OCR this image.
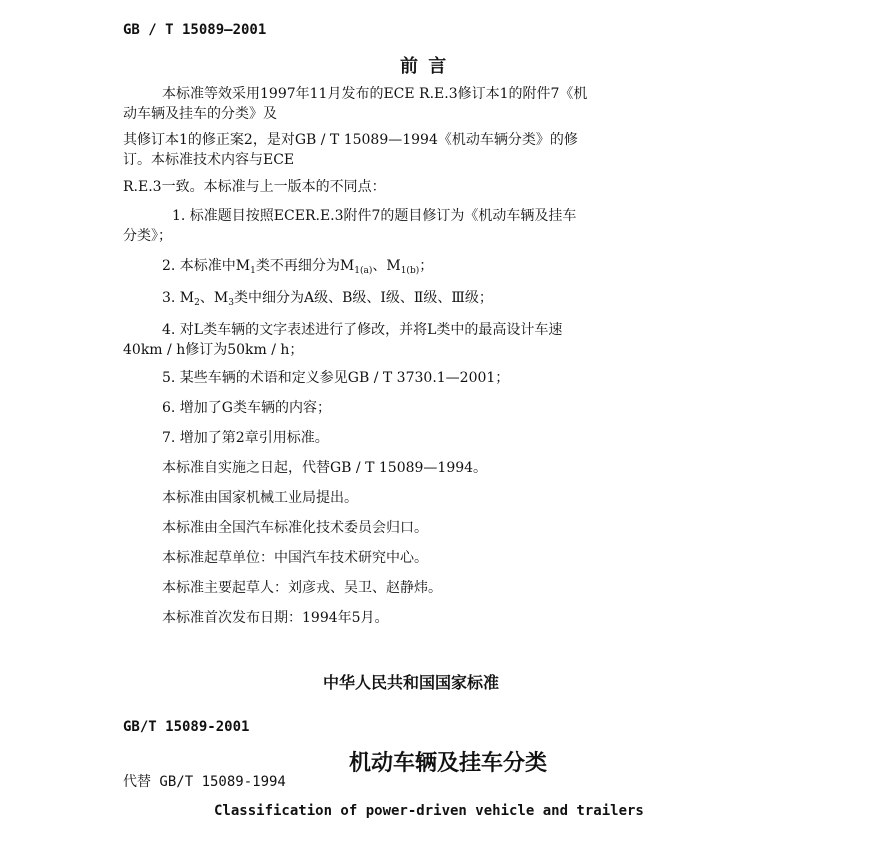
GB / T 15089—2001
前 言
本标准等效采用1997年11月发布的ECE R.E.3修订本1的附件7《机
动车辆及挂车的分类》及
其修订本1的修正案2，是对GB / T 15089—1994《机动车辆分类》的修
订。本标准技术内容与ECE
R.E.3一致。本标准与上一版本的不同点：
1. 标准题目按照ECER.E.3附件7的题目修订为《机动车辆及挂车
分类》；
2. 本标准中$M_1$类不再细分为$M_{1(a)}$、$M_{1(b)}$；
3. $M_2$、$M_3$类中细分为A级、B级、Ⅰ级、Ⅱ级、Ⅲ级；
4. 对L类车辆的文字表述进行了修改，并将L类中的最高设计车速
40km / h修订为50km / h；
5. 某些车辆的术语和定义参见GB / T 3730.1—2001；
6. 增加了G类车辆的内容；
7. 增加了第2章引用标准。
本标准自实施之日起，代替GB / T 15089—1994。
本标准由国家机械工业局提出。
本标准由全国汽车标准化技术委员会归口。
本标准起草单位：中国汽车技术研究中心。
本标准主要起草人：刘彦戎、吴卫、赵静炜。
本标准首次发布日期：1994年5月。
中华人民共和国国家标准
GB/T 15089-2001
机动车辆及挂车分类
代替 GB/T 15089-1994
Classification of power-driven vehicle and trailers
